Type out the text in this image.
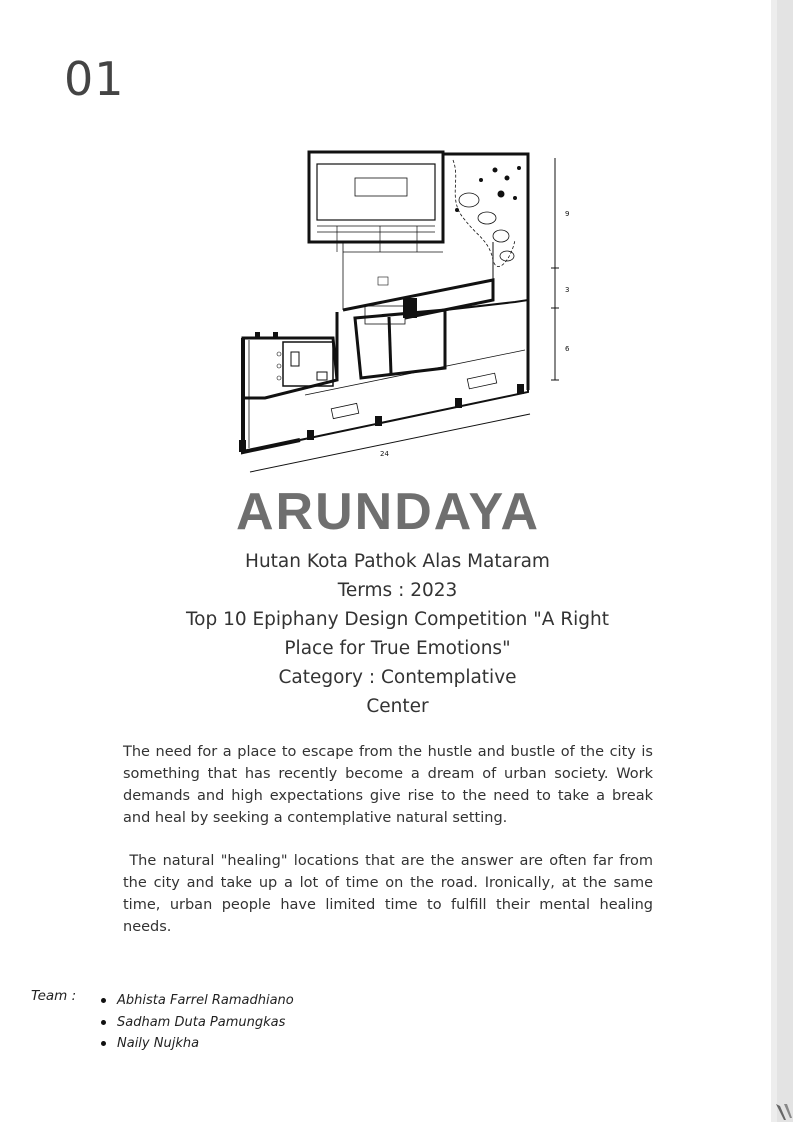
01
9
3
6
24
ARUNDAYA
Hutan Kota Pathok Alas Mataram
Terms : 2023
Top 10 Epiphany Design Competition "A Right
Place for True Emotions"
Category : Contemplative
Center

The need for a place to escape from the hustle and bustle of the city is something that has recently become a dream of urban society. Work demands and high expectations give rise to the need to take a break and heal by seeking a contemplative natural setting.

The natural "healing" locations that are the answer are often far from the city and take up a lot of time on the road. Ironically, at the same time, urban people have limited time to fulfill their mental healing needs.

Team :	Abhista Farrel Ramadhiano
Sadham Duta Pamungkas
Naily Nujkha
